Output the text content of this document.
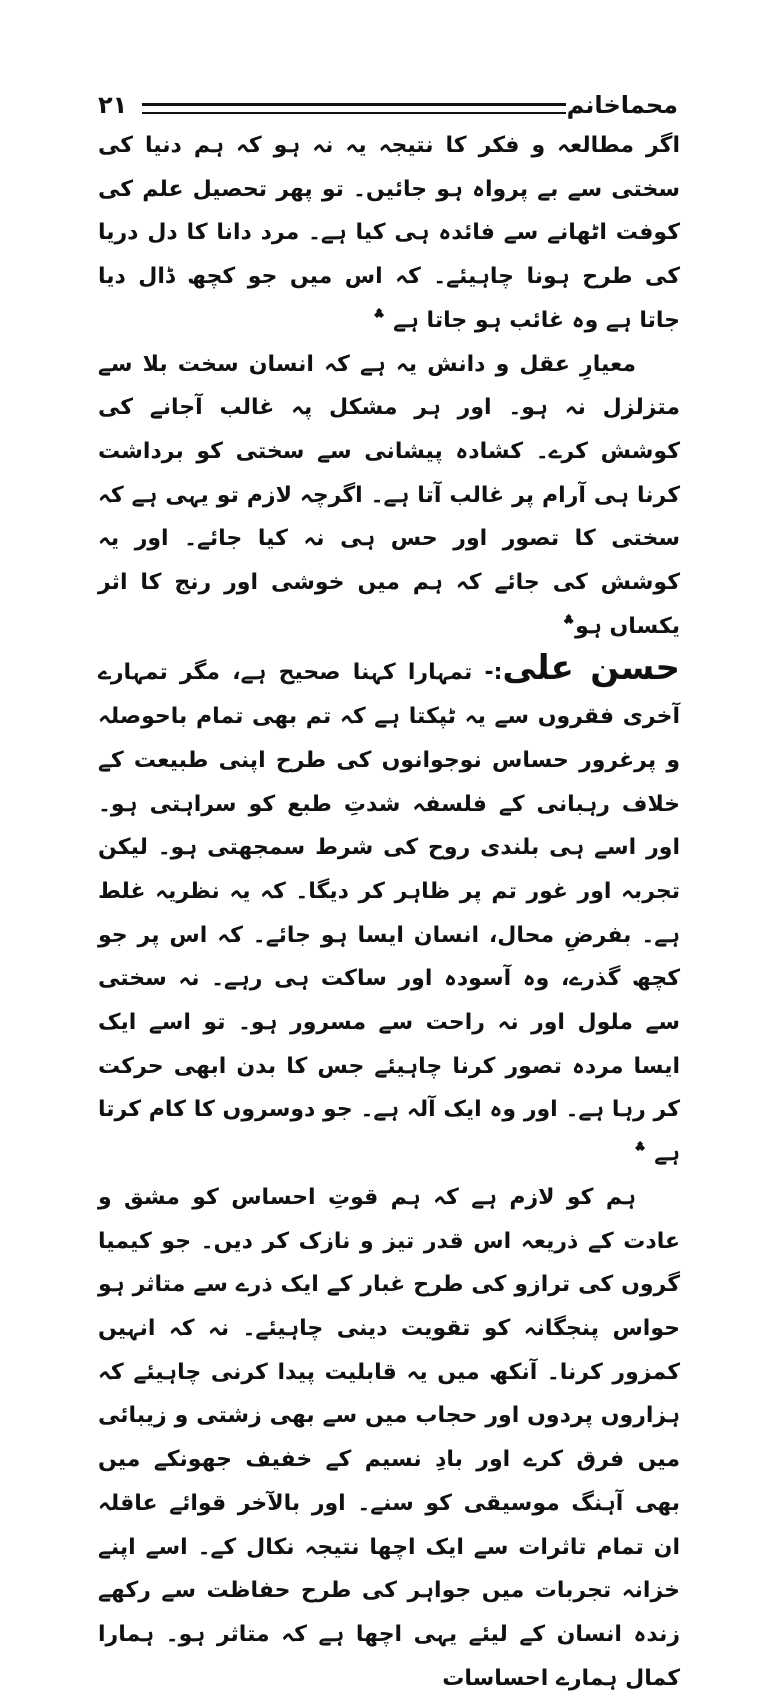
محماخانم
۲۱

اگر مطالعہ و فکر کا نتیجہ یہ نہ ہو کہ ہم دنیا کی سختی سے بے پرواہ ہو جائیں۔ تو پھر تحصیل علم کی کوفت اٹھانے سے فائدہ ہی کیا ہے۔ مرد دانا کا دل دریا کی طرح ہونا چاہیئے۔ کہ اس میں جو کچھ ڈال دیا جاتا ہے وہ غائب ہو جاتا ہے ؞

معیارِ عقل و دانش یہ ہے کہ انسان سخت بلا سے متزلزل نہ ہو۔ اور ہر مشکل پہ غالب آجانے کی کوشش کرے۔ کشادہ پیشانی سے سختی کو برداشت کرنا ہی آرام پر غالب آتا ہے۔ اگرچہ لازم تو یہی ہے کہ سختی کا تصور اور حس ہی نہ کیا جائے۔ اور یہ کوشش کی جائے کہ ہم میں خوشی اور رنج کا اثر یکساں ہو؞

حسن علی:- تمہارا کہنا صحیح ہے، مگر تمہارے آخری فقروں سے یہ ٹپکتا ہے کہ تم بھی تمام باحوصلہ و پرغرور حساس نوجوانوں کی طرح اپنی طبیعت کے خلاف رہبانی کے فلسفہ شدتِ طبع کو سراہتی ہو۔ اور اسے ہی بلندی روح کی شرط سمجھتی ہو۔ لیکن تجربہ اور غور تم پر ظاہر کر دیگا۔ کہ یہ نظریہ غلط ہے۔ بفرضِ محال، انسان ایسا ہو جائے۔ کہ اس پر جو کچھ گذرے، وہ آسودہ اور ساکت ہی رہے۔ نہ سختی سے ملول اور نہ راحت سے مسرور ہو۔ تو اسے ایک ایسا مردہ تصور کرنا چاہیئے جس کا بدن ابھی حرکت کر رہا ہے۔ اور وہ ایک آلہ ہے۔ جو دوسروں کا کام کرتا ہے ؞

ہم کو لازم ہے کہ ہم قوتِ احساس کو مشق و عادت کے ذریعہ اس قدر تیز و نازک کر دیں۔ جو کیمیا گروں کی ترازو کی طرح غبار کے ایک ذرے سے متاثر ہو حواس پنجگانہ کو تقویت دینی چاہیئے۔ نہ کہ انہیں کمزور کرنا۔ آنکھ میں یہ قابلیت پیدا کرنی چاہیئے کہ ہزاروں پردوں اور حجاب میں سے بھی زشتی و زیبائی میں فرق کرے اور بادِ نسیم کے خفیف جھونکے میں بھی آہنگ موسیقی کو سنے۔ اور بالآخر قوائے عاقلہ ان تمام تاثرات سے ایک اچھا نتیجہ نکال کے۔ اسے اپنے خزانہ تجربات میں جواہر کی طرح حفاظت سے رکھے زندہ انسان کے لیئے یہی اچھا ہے کہ متاثر ہو۔ ہمارا کمال ہمارے احساسات
